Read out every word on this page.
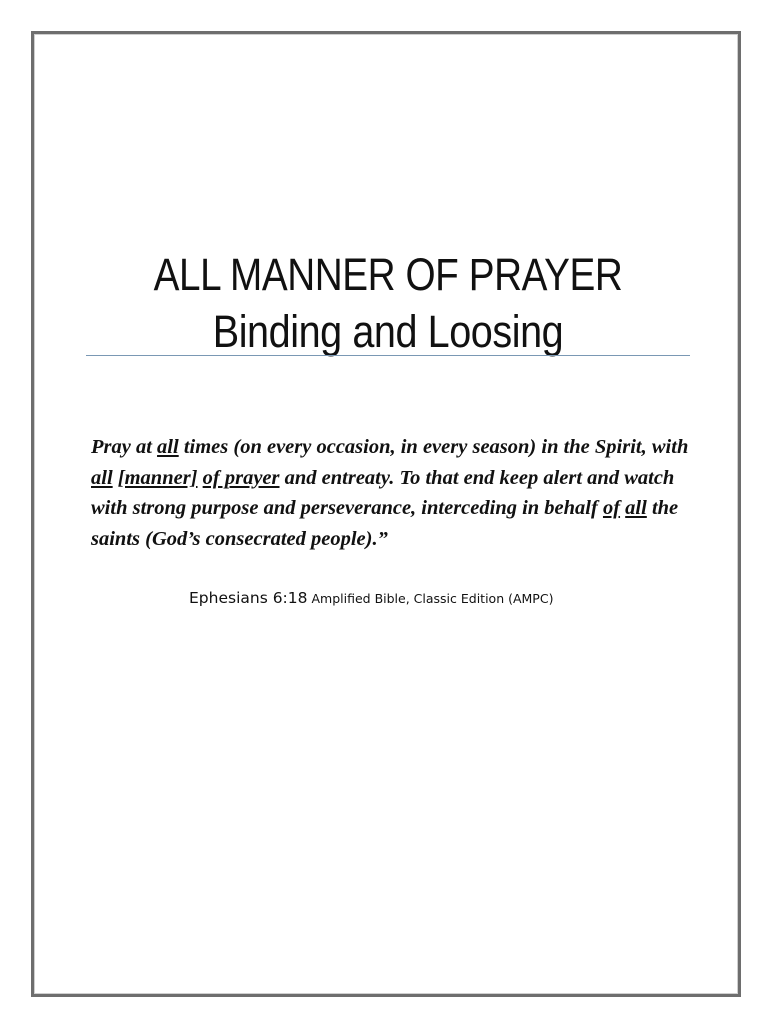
ALL MANNER OF PRAYER
Binding and Loosing
Pray at all times (on every occasion, in every season) in the Spirit, with all [manner] of prayer and entreaty. To that end keep alert and watch with strong purpose and perseverance, interceding in behalf of all the saints (God’s consecrated people).”
Ephesians 6:18 Amplified Bible, Classic Edition (AMPC)
